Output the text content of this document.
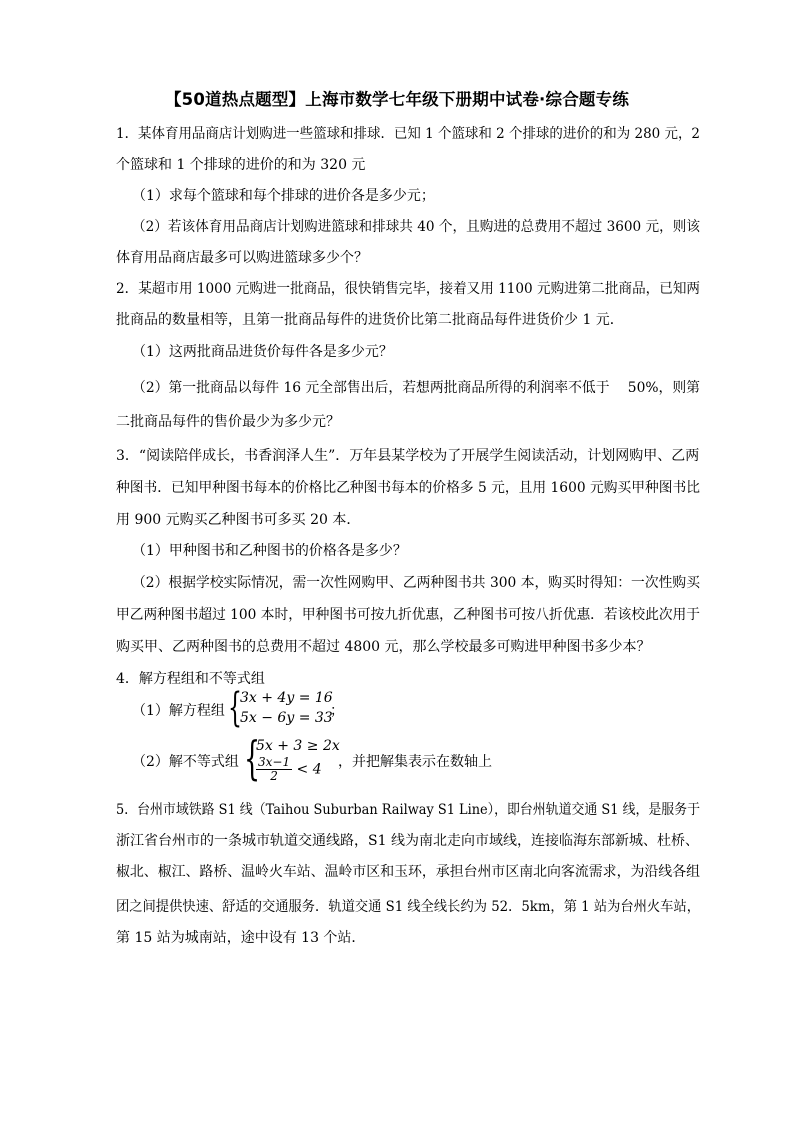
【50道热点题型】上海市数学七年级下册期中试卷·综合题专练
1．某体育用品商店计划购进一些篮球和排球．已知 1 个篮球和 2 个排球的进价的和为 280 元，2
个篮球和 1 个排球的进价的和为 320 元
（1）求每个篮球和每个排球的进价各是多少元；
（2）若该体育用品商店计划购进篮球和排球共 40 个，且购进的总费用不超过 3600 元，则该
体育用品商店最多可以购进篮球多少个？
2．某超市用 1000 元购进一批商品，很快销售完毕，接着又用 1100 元购进第二批商品，已知两
批商品的数量相等，且第一批商品每件的进货价比第二批商品每件进货价少 1 元．
（1）这两批商品进货价每件各是多少元？
（2）第一批商品以每件 16 元全部售出后，若想两批商品所得的利润率不低于　 50%，则第
二批商品每件的售价最少为多少元？
3．“阅读陪伴成长，书香润泽人生”．万年县某学校为了开展学生阅读活动，计划网购甲、乙两
种图书．已知甲种图书每本的价格比乙种图书每本的价格多 5 元，且用 1600 元购买甲种图书比
用 900 元购买乙种图书可多买 20 本．
（1）甲种图书和乙种图书的价格各是多少？
（2）根据学校实际情况，需一次性网购甲、乙两种图书共 300 本，购买时得知：一次性购买
甲乙两种图书超过 100 本时，甲种图书可按九折优惠，乙种图书可按八折优惠．若该校此次用于
购买甲、乙两种图书的总费用不超过 4800 元，那么学校最多可购进甲种图书多少本？
4．解方程组和不等式组
（1）解方程组 {
3x + 4y = 16
5x − 6y = 33
；
（2）解不等式组 {
5x + 3 ≥ 2x
$\frac{3x-1}{2} < 4$ ，并把解集表示在数轴上
5．台州市域铁路 S1 线（Taihou Suburban Railway S1 Line），即台州轨道交通 S1 线，是服务于
浙江省台州市的一条城市轨道交通线路，S1 线为南北走向市域线，连接临海东部新城、杜桥、
椒北、椒江、路桥、温岭火车站、温岭市区和玉环，承担台州市区南北向客流需求，为沿线各组
团之间提供快速、舒适的交通服务．轨道交通 S1 线全线长约为 52．5km，第 1 站为台州火车站，
第 15 站为城南站，途中设有 13 个站．
